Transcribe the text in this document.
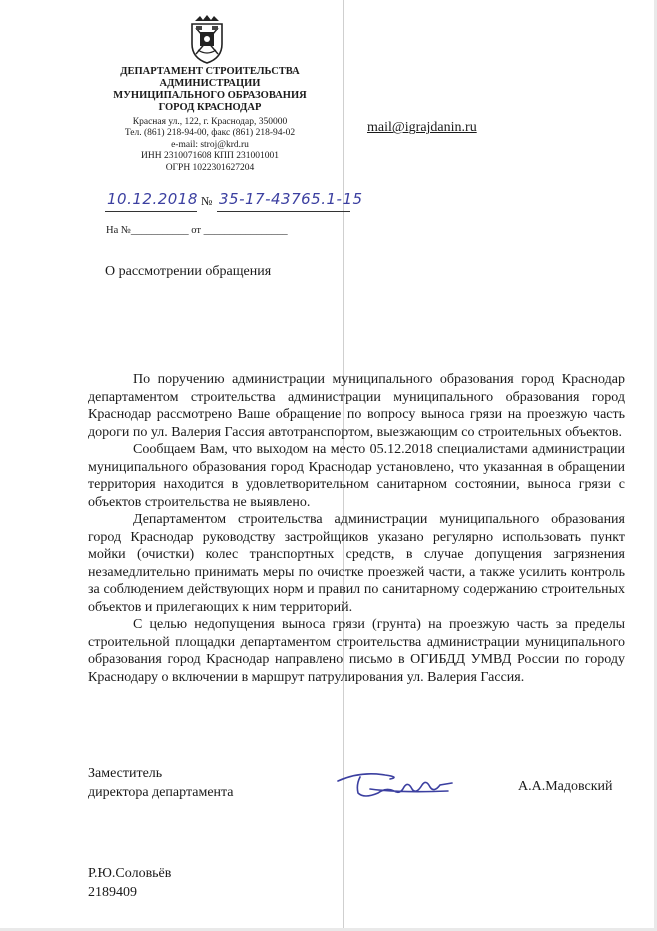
ДЕПАРТАМЕНТ СТРОИТЕЛЬСТВА
АДМИНИСТРАЦИИ
МУНИЦИПАЛЬНОГО ОБРАЗОВАНИЯ
ГОРОД КРАСНОДАР
Красная ул., 122, г. Краснодар, 350000
Тел. (861) 218-94-00, факс (861) 218-94-02
e-mail: stroj@krd.ru
ИНН 2310071608 КПП 231001001
ОГРН 1022301627204
mail@igrajdanin.ru
10.12.2018 № 35-17-43765.1-15
На №___________ от ________________
О рассмотрении обращения

По поручению администрации муниципального образования город Краснодар департаментом строительства администрации муниципального образования город Краснодар рассмотрено Ваше обращение по вопросу выноса грязи на проезжую часть дороги по ул. Валерия Гассия автотранспортом, выезжающим со строительных объектов.

Сообщаем Вам, что выходом на место 05.12.2018 специалистами администрации муниципального образования город Краснодар установлено, что указанная в обращении территория находится в удовлетворительном санитарном состоянии, выноса грязи с объектов строительства не выявлено.

Департаментом строительства администрации муниципального образования город Краснодар руководству застройщиков указано регулярно использовать пункт мойки (очистки) колес транспортных средств, в случае допущения загрязнения незамедлительно принимать меры по очистке проезжей части, а также усилить контроль за соблюдением действующих норм и правил по санитарному содержанию строительных объектов и прилегающих к ним территорий.

С целью недопущения выноса грязи (грунта) на проезжую часть за пределы строительной площадки департаментом строительства администрации муниципального образования город Краснодар направлено письмо в ОГИБДД УМВД России по городу Краснодару о включении в маршрут патрулирования ул. Валерия Гассия.

Заместитель
директора департамента	А.А.Мадовский
Р.Ю.Соловьёв
2189409
